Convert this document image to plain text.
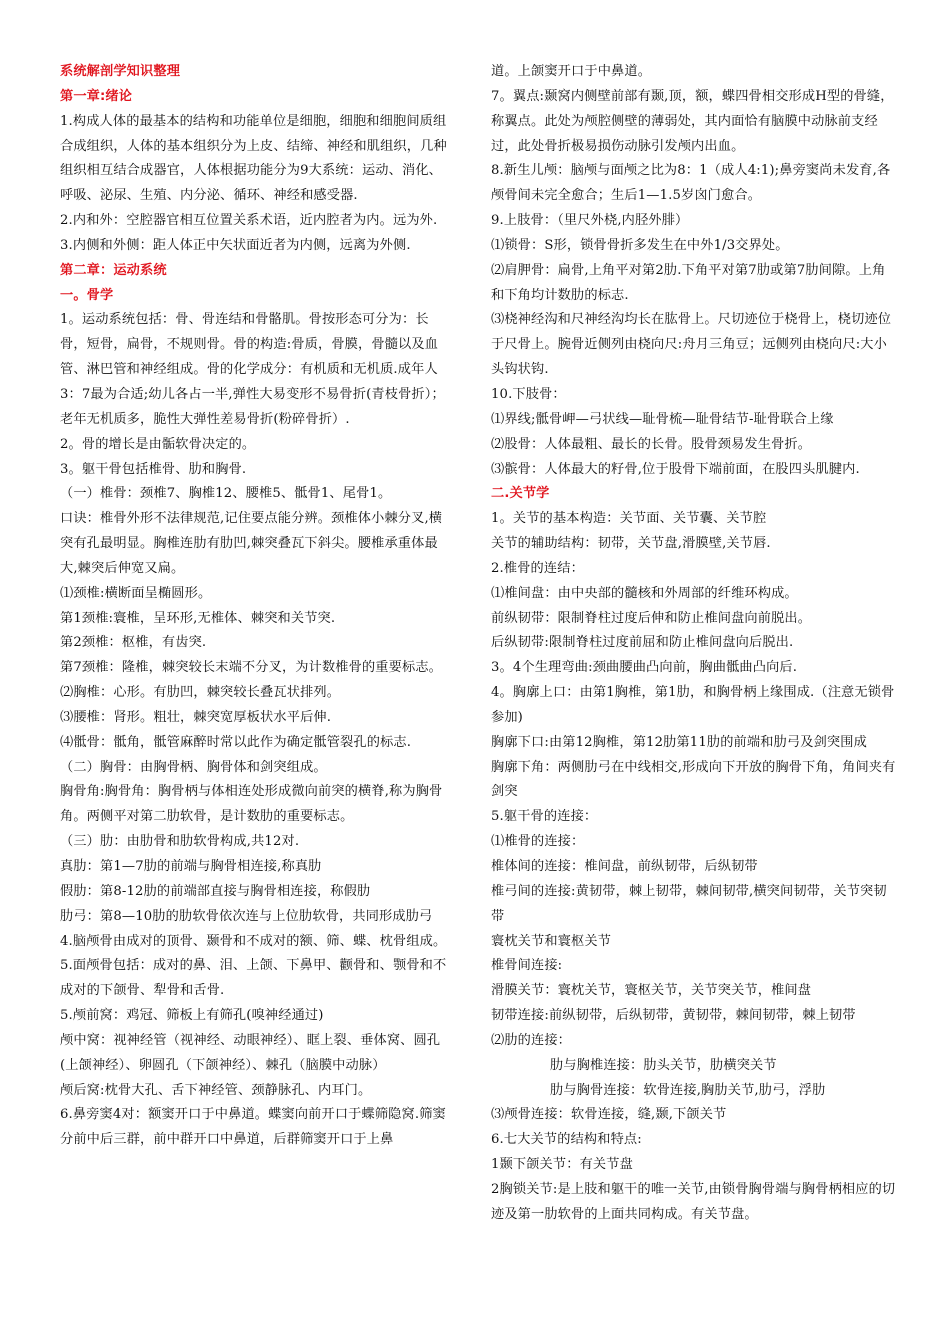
系统解剖学知识整理

第一章:绪论

1.构成人体的最基本的结构和功能单位是细胞，细胞和细胞间质组合成组织，人体的基本组织分为上皮、结缔、神经和肌组织，几种组织相互结合成器官，人体根据功能分为9大系统：运动、消化、呼吸、泌尿、生殖、内分泌、循环、神经和感受器.

2.内和外：空腔器官相互位置关系术语，近内腔者为内。远为外.

3.内侧和外侧：距人体正中矢状面近者为内侧，远离为外侧.

第二章：运动系统

一。骨学

1。运动系统包括：骨、骨连结和骨骼肌。骨按形态可分为：长骨，短骨，扁骨，不规则骨。骨的构造:骨质，骨膜，骨髓以及血管、淋巴管和神经组成。骨的化学成分：有机质和无机质.成年人3：7最为合适;幼儿各占一半,弹性大易变形不易骨折(青枝骨折）；老年无机质多，脆性大弹性差易骨折(粉碎骨折）.

2。骨的增长是由骺软骨决定的。

3。躯干骨包括椎骨、肋和胸骨.

（一）椎骨：颈椎7、胸椎12、腰椎5、骶骨1、尾骨1。

口诀：椎骨外形不法律规范,记住要点能分辨。颈椎体小棘分叉,横突有孔最明显。胸椎连肋有肋凹,棘突叠瓦下斜尖。腰椎承重体最大,棘突后伸宽又扁。

⑴颈椎:横断面呈椭圆形。

第1颈椎:寰椎，呈环形,无椎体、棘突和关节突.

第2颈椎：枢椎，有齿突.

第7颈椎：隆椎，棘突较长末端不分叉，为计数椎骨的重要标志。

⑵胸椎：心形。有肋凹，棘突较长叠瓦状排列。

⑶腰椎：肾形。粗壮，棘突宽厚板状水平后伸.

⑷骶骨：骶角，骶管麻醉时常以此作为确定骶管裂孔的标志.

（二）胸骨：由胸骨柄、胸骨体和剑突组成。

胸骨角:胸骨角：胸骨柄与体相连处形成微向前突的横脊,称为胸骨角。两侧平对第二肋软骨，是计数肋的重要标志。

（三）肋：由肋骨和肋软骨构成,共12对.

真肋：第1—7肋的前端与胸骨相连接,称真肋

假肋：第8-12肋的前端部直接与胸骨相连接，称假肋

肋弓：第8—10肋的肋软骨依次连与上位肋软骨，共同形成肋弓

4.脑颅骨由成对的顶骨、颞骨和不成对的额、筛、蝶、枕骨组成。

5.面颅骨包括：成对的鼻、泪、上颌、下鼻甲、颧骨和、颚骨和不成对的下颌骨、犁骨和舌骨.

5.颅前窝：鸡冠、筛板上有筛孔(嗅神经通过)

颅中窝：视神经管（视神经、动眼神经）、眶上裂、垂体窝、圆孔(上颌神经）、卵圆孔（下颌神经）、棘孔（脑膜中动脉）

颅后窝:枕骨大孔、舌下神经管、颈静脉孔、内耳门。

6.鼻旁窦4对：额窦开口于中鼻道。蝶窦向前开口于蝶筛隐窝.筛窦分前中后三群，前中群开口中鼻道，后群筛窦开口于上鼻

道。上颌窦开口于中鼻道。

7。翼点:颞窝内侧壁前部有颞,顶，额，蝶四骨相交形成H型的骨缝，称翼点。此处为颅腔侧壁的薄弱处，其内面恰有脑膜中动脉前支经过，此处骨折极易损伤动脉引发颅内出血。

8.新生儿颅：脑颅与面颅之比为8：1（成人4:1);鼻旁窦尚未发育,各颅骨间未完全愈合；生后1—1.5岁囟门愈合。

9.上肢骨：（里尺外桡,内胫外腓）

⑴锁骨：S形，锁骨骨折多发生在中外1/3交界处。

⑵肩胛骨：扁骨,上角平对第2肋.下角平对第7肋或第7肋间隙。上角和下角均计数肋的标志.

⑶桡神经沟和尺神经沟均长在肱骨上。尺切迹位于桡骨上，桡切迹位于尺骨上。腕骨近侧列由桡向尺:舟月三角豆；远侧列由桡向尺:大小头钩状钩.

10.下肢骨：

⑴界线;骶骨岬—弓状线—耻骨梳—耻骨结节-耻骨联合上缘

⑵股骨：人体最粗、最长的长骨。股骨颈易发生骨折。

⑶髌骨：人体最大的籽骨,位于股骨下端前面，在股四头肌腱内.

二.关节学

1。关节的基本构造：关节面、关节囊、关节腔

关节的辅助结构：韧带，关节盘,滑膜壁,关节唇.

2.椎骨的连结：

⑴椎间盘：由中央部的髓核和外周部的纤维环构成。

前纵韧带：限制脊柱过度后伸和防止椎间盘向前脱出。

后纵韧带:限制脊柱过度前屈和防止椎间盘向后脱出.

3。4个生理弯曲:颈曲腰曲凸向前，胸曲骶曲凸向后.

4。胸廓上口：由第1胸椎，第1肋，和胸骨柄上缘围成.（注意无锁骨参加)

胸廓下口:由第12胸椎，第12肋第11肋的前端和肋弓及剑突围成

胸廓下角：两侧肋弓在中线相交,形成向下开放的胸骨下角，角间夹有剑突

5.躯干骨的连接：

⑴椎骨的连接：

椎体间的连接：椎间盘，前纵韧带，后纵韧带

椎弓间的连接:黄韧带，棘上韧带，棘间韧带,横突间韧带，关节突韧带

寰枕关节和寰枢关节

椎骨间连接:

滑膜关节：寰枕关节，寰枢关节，关节突关节，椎间盘

韧带连接:前纵韧带，后纵韧带，黄韧带，棘间韧带，棘上韧带

⑵肋的连接：

肋与胸椎连接：肋头关节，肋横突关节

肋与胸骨连接：软骨连接,胸肋关节,肋弓，浮肋

⑶颅骨连接：软骨连接，缝,颞,下颌关节

6.七大关节的结构和特点:

1颞下颌关节：有关节盘

2胸锁关节:是上肢和躯干的唯一关节,由锁骨胸骨端与胸骨柄相应的切迹及第一肋软骨的上面共同构成。有关节盘。
